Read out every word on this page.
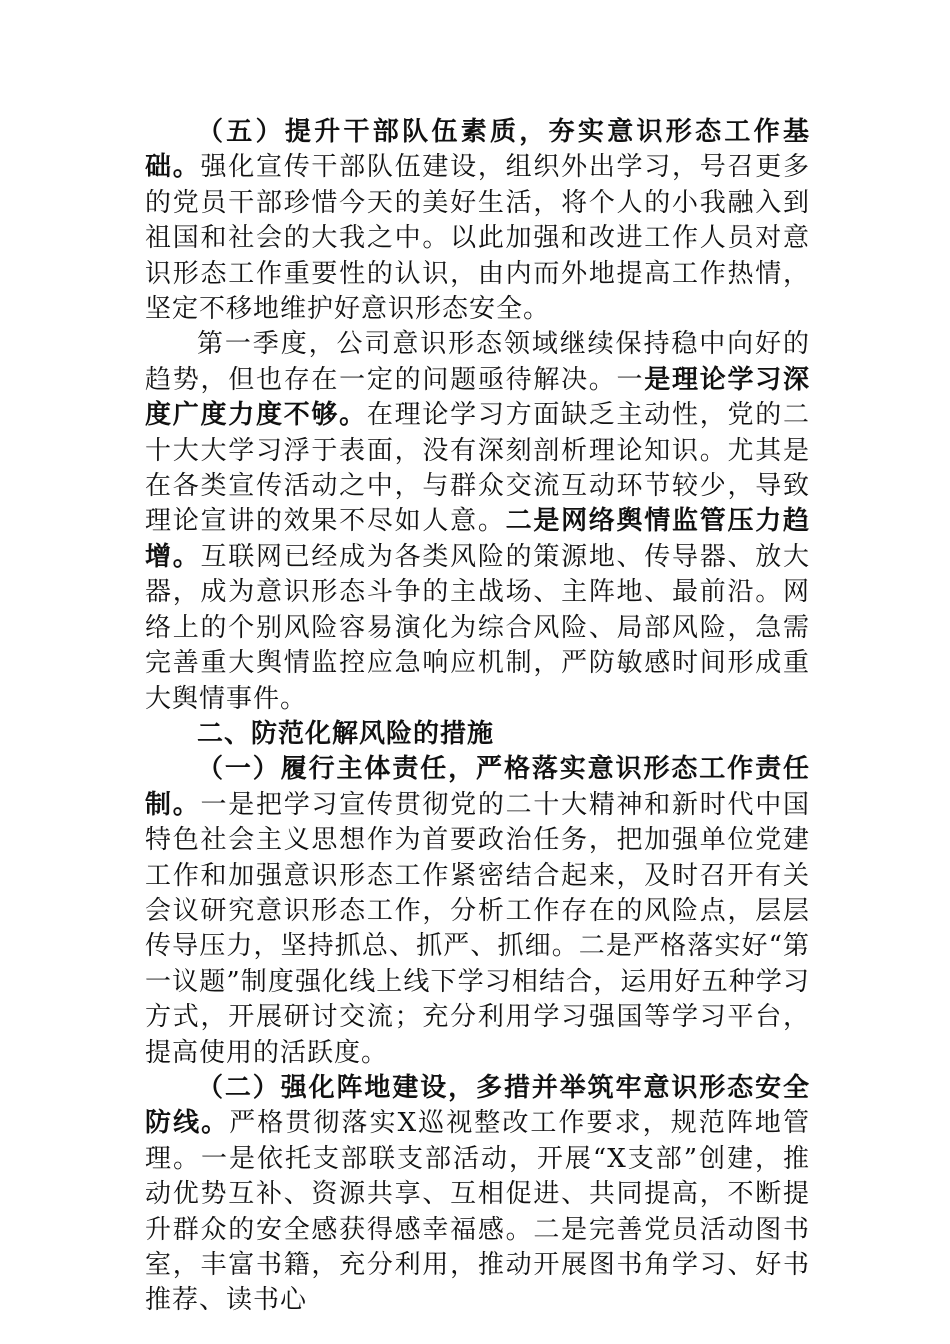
（五）提升干部队伍素质，夯实意识形态工作基础。强化宣传干部队伍建设，组织外出学习，号召更多的党员干部珍惜今天的美好生活，将个人的小我融入到祖国和社会的大我之中。以此加强和改进工作人员对意识形态工作重要性的认识，由内而外地提高工作热情，坚定不移地维护好意识形态安全。

第一季度，公司意识形态领域继续保持稳中向好的趋势，但也存在一定的问题亟待解决。一是理论学习深度广度力度不够。在理论学习方面缺乏主动性，党的二十大大学习浮于表面，没有深刻剖析理论知识。尤其是在各类宣传活动之中，与群众交流互动环节较少，导致理论宣讲的效果不尽如人意。二是网络舆情监管压力趋增。互联网已经成为各类风险的策源地、传导器、放大器，成为意识形态斗争的主战场、主阵地、最前沿。网络上的个别风险容易演化为综合风险、局部风险，急需完善重大舆情监控应急响应机制，严防敏感时间形成重大舆情事件。

二、防范化解风险的措施

（一）履行主体责任，严格落实意识形态工作责任制。一是把学习宣传贯彻党的二十大精神和新时代中国特色社会主义思想作为首要政治任务，把加强单位党建工作和加强意识形态工作紧密结合起来，及时召开有关会议研究意识形态工作，分析工作存在的风险点，层层传导压力，坚持抓总、抓严、抓细。二是严格落实好“第一议题”制度强化线上线下学习相结合，运用好五种学习方式，开展研讨交流；充分利用学习强国等学习平台，提高使用的活跃度。

（二）强化阵地建设，多措并举筑牢意识形态安全防线。严格贯彻落实X巡视整改工作要求，规范阵地管理。一是依托支部联支部活动，开展“X支部”创建，推动优势互补、资源共享、互相促进、共同提高，不断提升群众的安全感获得感幸福感。二是完善党员活动图书室，丰富书籍，充分利用，推动开展图书角学习、好书推荐、读书心
